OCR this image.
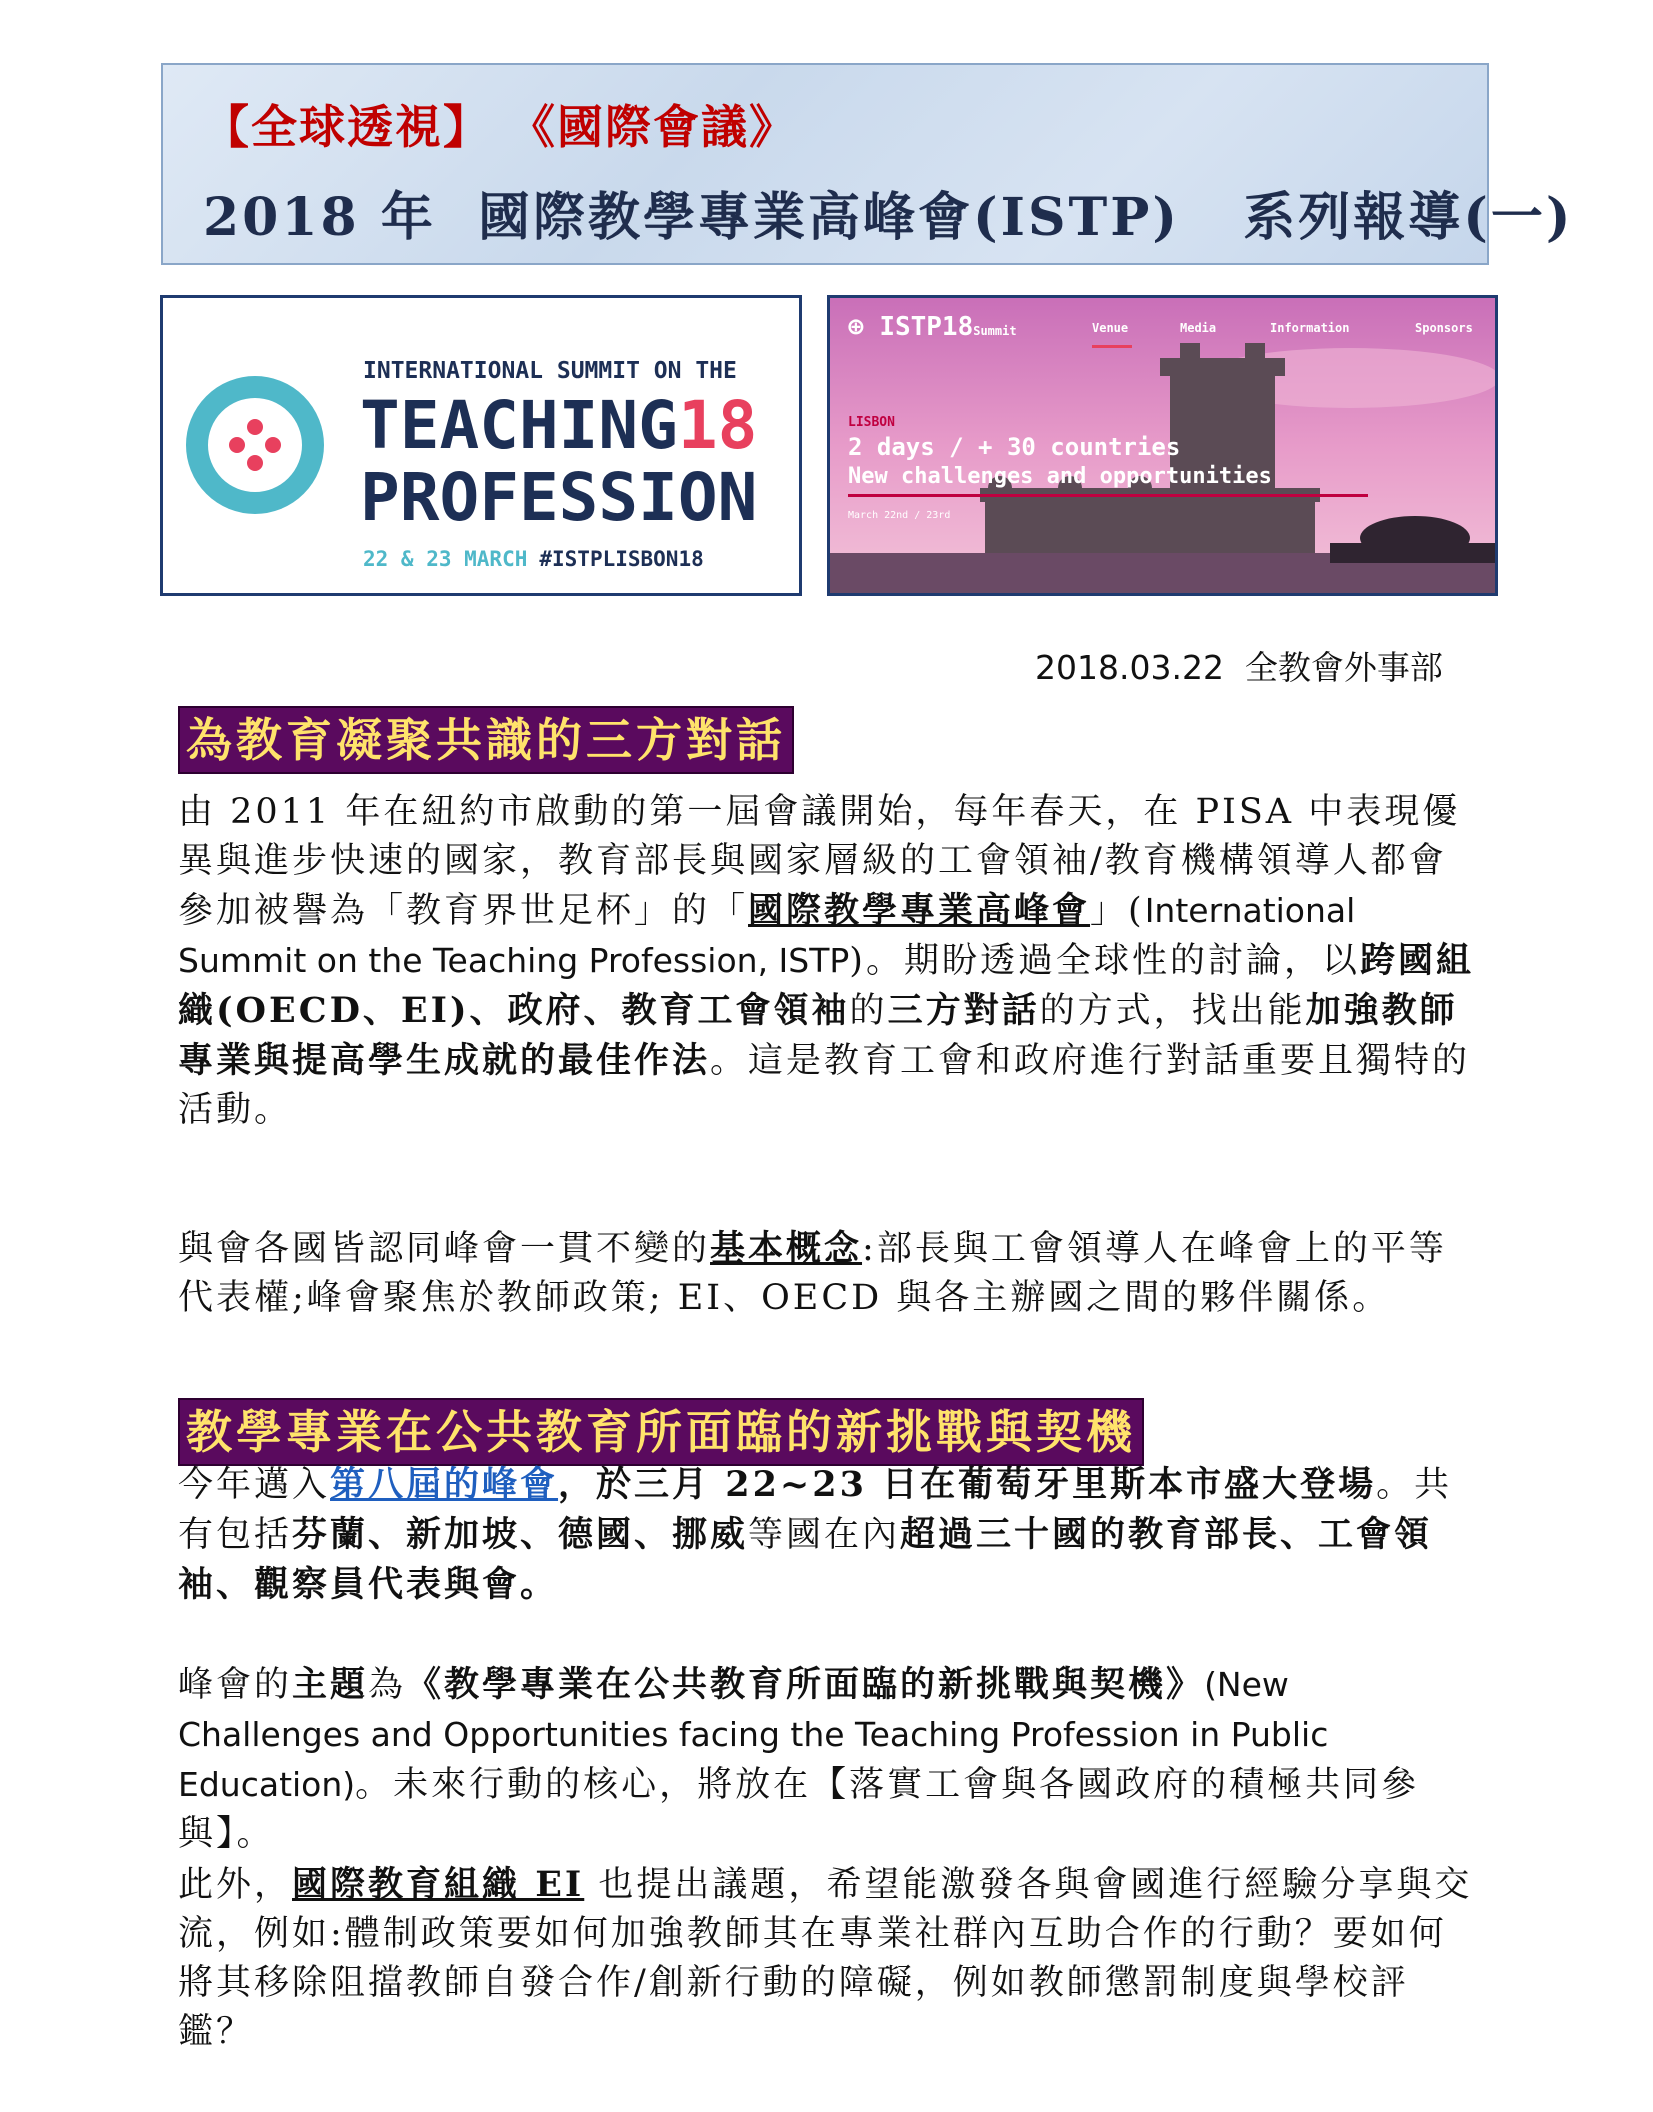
【全球透視】 《國際會議》
2018 年  國際教學專業高峰會(ISTP)   系列報導(一)
INTERNATIONAL SUMMIT ON THE
TEACHING18
PROFESSION
22 & 23 MARCH #ISTPLISBON18
⊕ ISTP18Summit	Venue	Media	Information	Sponsors
LISBON
2 days / + 30 countries
New challenges and opportunities
March 22nd / 23rd
2018.03.22  全教會外事部
為教育凝聚共識的三方對話
由 2011 年在紐約市啟動的第一屆會議開始，每年春天，在 PISA 中表現優異與進步快速的國家，教育部長與國家層級的工會領袖/教育機構領導人都會參加被譽為「教育界世足杯」的「國際教學專業高峰會」(International Summit on the Teaching Profession, ISTP)。期盼透過全球性的討論，以跨國組織(OECD、EI)、政府、教育工會領袖的三方對話的方式，找出能加強教師專業與提高學生成就的最佳作法。這是教育工會和政府進行對話重要且獨特的活動。
與會各國皆認同峰會一貫不變的基本概念:部長與工會領導人在峰會上的平等代表權;峰會聚焦於教師政策; EI、OECD 與各主辦國之間的夥伴關係。
教學專業在公共教育所面臨的新挑戰與契機
今年邁入第八屆的峰會，於三月 22~23 日在葡萄牙里斯本市盛大登場。共有包括芬蘭、新加坡、德國、挪威等國在內超過三十國的教育部長、工會領袖、觀察員代表與會。
峰會的主題為《教學專業在公共教育所面臨的新挑戰與契機》(New Challenges and Opportunities facing the Teaching Profession in Public Education)。未來行動的核心，將放在【落實工會與各國政府的積極共同參與】。
此外，國際教育組織 EI 也提出議題，希望能激發各與會國進行經驗分享與交流，例如:體制政策要如何加強教師其在專業社群內互助合作的行動？要如何將其移除阻擋教師自發合作/創新行動的障礙，例如教師懲罰制度與學校評鑑？
